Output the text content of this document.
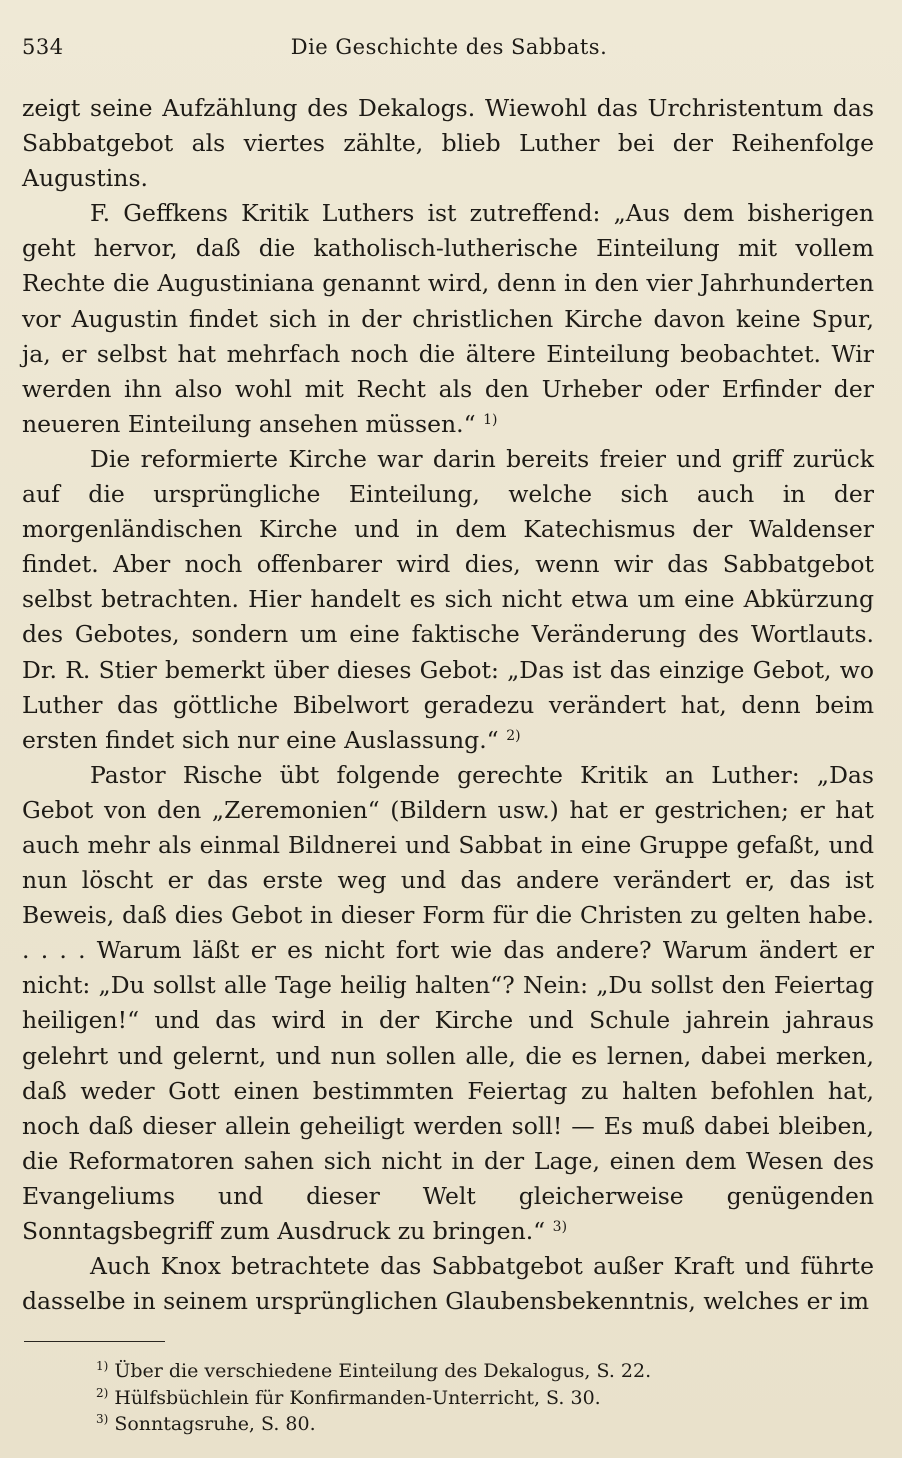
534	Die Geschichte des Sabbats.

zeigt seine Aufzählung des Dekalogs. Wiewohl das Urchristentum das Sabbatgebot als viertes zählte, blieb Luther bei der Reihenfolge Augustins.

F. Geffkens Kritik Luthers ist zutreffend: „Aus dem bisherigen geht hervor, daß die katholisch-lutherische Einteilung mit vollem Rechte die Augustiniana genannt wird, denn in den vier Jahrhunderten vor Augustin findet sich in der christlichen Kirche davon keine Spur, ja, er selbst hat mehrfach noch die ältere Einteilung beobachtet. Wir werden ihn also wohl mit Recht als den Urheber oder Erfinder der neueren Einteilung ansehen müssen.“ $^{1)}$

Die reformierte Kirche war darin bereits freier und griff zurück auf die ursprüngliche Einteilung, welche sich auch in der morgenländischen Kirche und in dem Katechismus der Waldenser findet. Aber noch offenbarer wird dies, wenn wir das Sabbatgebot selbst betrachten. Hier handelt es sich nicht etwa um eine Abkürzung des Gebotes, sondern um eine faktische Veränderung des Wortlauts. Dr. R. Stier bemerkt über dieses Gebot: „Das ist das einzige Gebot, wo Luther das göttliche Bibelwort geradezu verändert hat, denn beim ersten findet sich nur eine Auslassung.“ $^{2)}$

Pastor Rische übt folgende gerechte Kritik an Luther: „Das Gebot von den „Zeremonien“ (Bildern usw.) hat er gestrichen; er hat auch mehr als einmal Bildnerei und Sabbat in eine Gruppe gefaßt, und nun löscht er das erste weg und das andere verändert er, das ist Beweis, daß dies Gebot in dieser Form für die Christen zu gelten habe. . . . . Warum läßt er es nicht fort wie das andere? Warum ändert er nicht: „Du sollst alle Tage heilig halten“? Nein: „Du sollst den Feiertag heiligen!“ und das wird in der Kirche und Schule jahrein jahraus gelehrt und gelernt, und nun sollen alle, die es lernen, dabei merken, daß weder Gott einen bestimmten Feiertag zu halten befohlen hat, noch daß dieser allein geheiligt werden soll! — Es muß dabei bleiben, die Reformatoren sahen sich nicht in der Lage, einen dem Wesen des Evangeliums und dieser Welt gleicherweise genügenden Sonntagsbegriff zum Ausdruck zu bringen.“ $^{3)}$

Auch Knox betrachtete das Sabbatgebot außer Kraft und führte dasselbe in seinem ursprünglichen Glaubensbekenntnis, welches er im

$^{1)}$ Über die verschiedene Einteilung des Dekalogus, S. 22.
$^{2)}$ Hülfsbüchlein für Konfirmanden-Unterricht, S. 30.
$^{3)}$ Sonntagsruhe, S. 80.
